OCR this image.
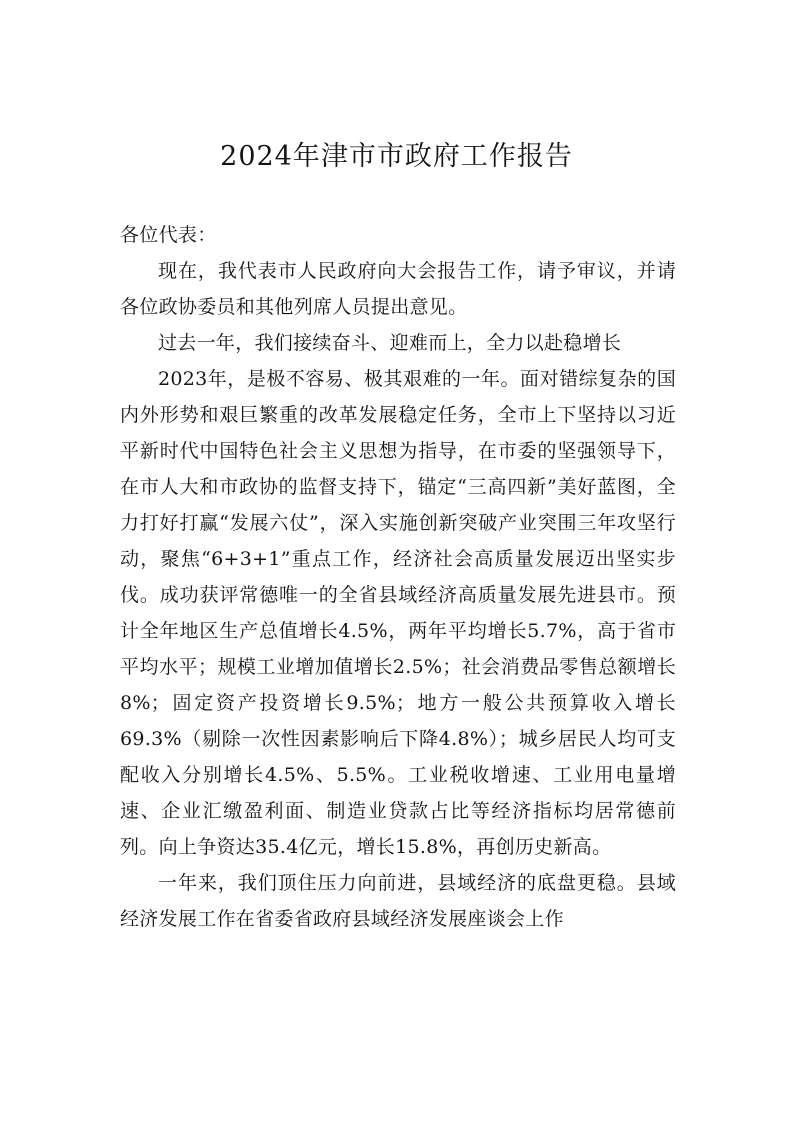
2024年津市市政府工作报告

各位代表：

现在，我代表市人民政府向大会报告工作，请予审议，并请各位政协委员和其他列席人员提出意见。

过去一年，我们接续奋斗、迎难而上，全力以赴稳增长

2023年，是极不容易、极其艰难的一年。面对错综复杂的国内外形势和艰巨繁重的改革发展稳定任务，全市上下坚持以习近平新时代中国特色社会主义思想为指导，在市委的坚强领导下，在市人大和市政协的监督支持下，锚定“三高四新”美好蓝图，全力打好打赢“发展六仗”，深入实施创新突破产业突围三年攻坚行动，聚焦“6+3+1”重点工作，经济社会高质量发展迈出坚实步伐。成功获评常德唯一的全省县域经济高质量发展先进县市。预计全年地区生产总值增长4.5%，两年平均增长5.7%，高于省市平均水平；规模工业增加值增长2.5%；社会消费品零售总额增长8%；固定资产投资增长9.5%；地方一般公共预算收入增长69.3%（剔除一次性因素影响后下降4.8%）；城乡居民人均可支配收入分别增长4.5%、5.5%。工业税收增速、工业用电量增速、企业汇缴盈利面、制造业贷款占比等经济指标均居常德前列。向上争资达35.4亿元，增长15.8%，再创历史新高。

一年来，我们顶住压力向前进，县域经济的底盘更稳。县域经济发展工作在省委省政府县域经济发展座谈会上作
